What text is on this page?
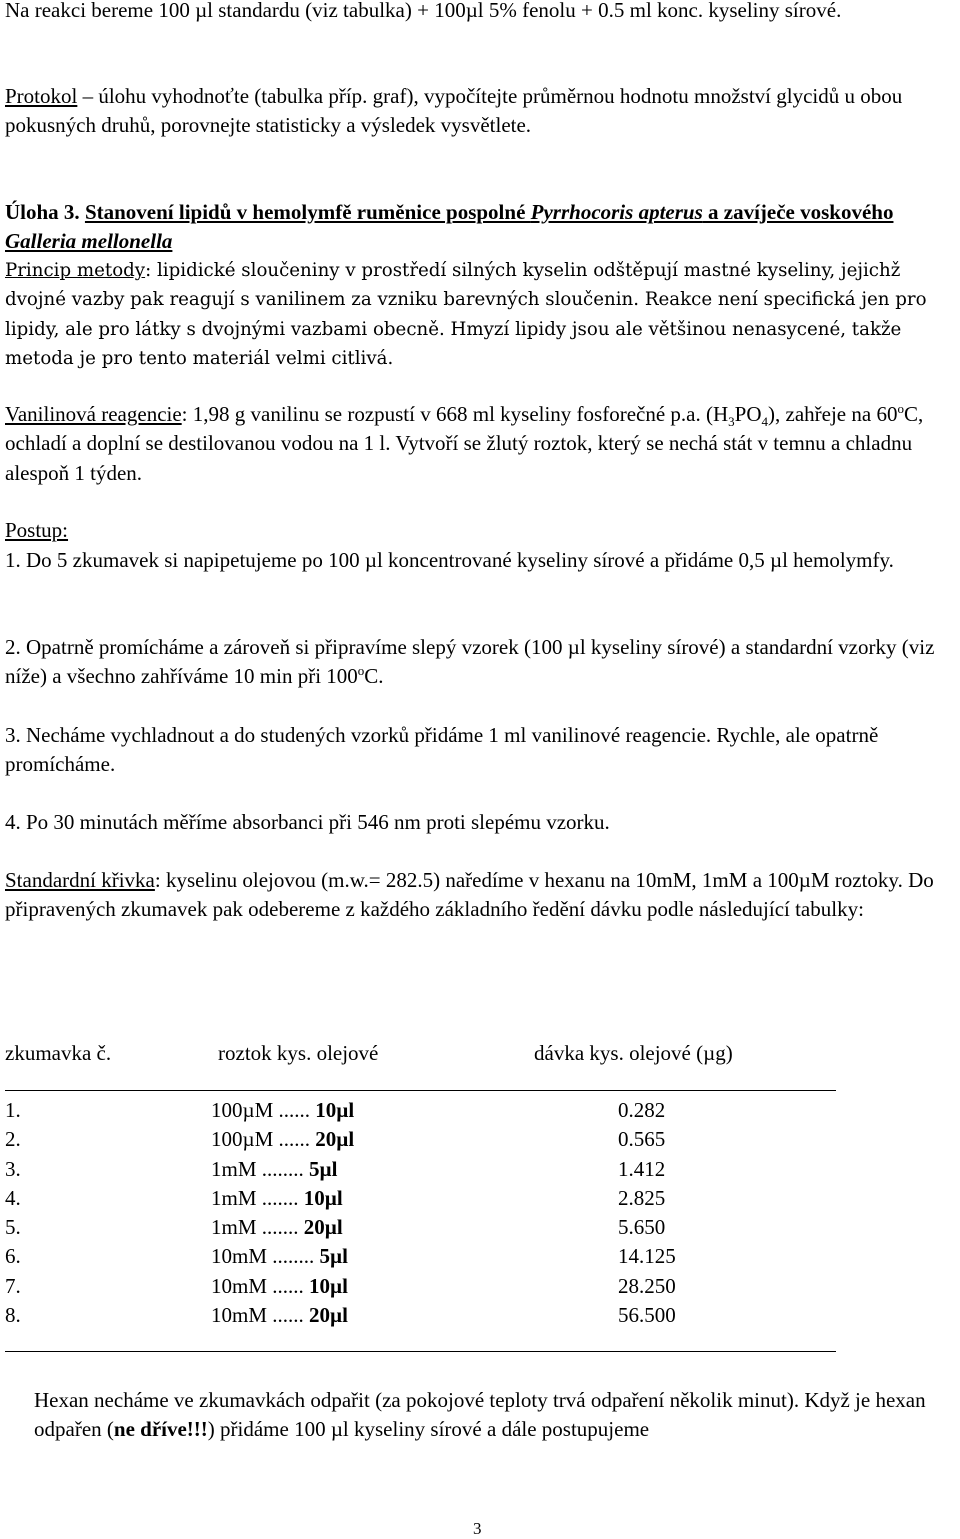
Na reakci bereme 100 µl standardu (viz tabulka) + 100µl 5% fenolu + 0.5 ml konc. kyseliny sírové.

Protokol – úlohu vyhodnoťte (tabulka příp. graf), vypočítejte průměrnou hodnotu množství glycidů u obou pokusných druhů, porovnejte statisticky a výsledek vysvětlete.

Úloha 3. Stanovení lipidů v hemolymfě ruměnice pospolné Pyrrhocoris apterus a zavíječe voskového Galleria mellonella

Princip metody: lipidické sloučeniny v prostředí silných kyselin odštěpují mastné kyseliny, jejichž dvojné vazby pak reagují s vanilinem za vzniku barevných sloučenin. Reakce není specifická jen pro lipidy, ale pro látky s dvojnými vazbami obecně. Hmyzí lipidy jsou ale většinou nenasycené, takže metoda je pro tento materiál velmi citlivá.

Vanilinová reagencie: 1,98 g vanilinu se rozpustí v 668 ml kyseliny fosforečné p.a. $(H_3PO_4)$, zahřeje na 60$^o$C, ochladí a doplní se destilovanou vodou na 1 l. Vytvoří se žlutý roztok, který se nechá stát v temnu a chladnu alespoň 1 týden.

Postup:

1. Do 5 zkumavek si napipetujeme po 100 µl koncentrované kyseliny sírové a přidáme 0,5 µl hemolymfy.

2. Opatrně promícháme a zároveň si připravíme slepý vzorek (100 µl kyseliny sírové) a standardní vzorky (viz níže) a všechno zahříváme 10 min při 100$^o$C.

3. Necháme vychladnout a do studených vzorků přidáme 1 ml vanilinové reagencie. Rychle, ale opatrně promícháme.

4. Po 30 minutách měříme absorbanci při 546 nm proti slepému vzorku.

Standardní křivka: kyselinu olejovou (m.w.= 282.5) naředíme v hexanu na 10mM, 1mM a 100µM roztoky. Do připravených zkumavek pak odebereme z každého základního ředění dávku podle následující tabulky:

zkumavka č.	roztok kys. olejové	dávka kys. olejové (µg)
1.	100µM ...... 10µl	0.282
2.	100µM ...... 20µl	0.565
3.	1mM ........ 5µl	1.412
4.	1mM ....... 10µl	2.825
5.	1mM ....... 20µl	5.650
6.	10mM ........ 5µl	14.125
7.	10mM ...... 10µl	28.250
8.	10mM ...... 20µl	56.500

Hexan necháme ve zkumavkách odpařit (za pokojové teploty trvá odpaření několik minut). Když je hexan odpařen (ne dříve!!!) přidáme 100 µl kyseliny sírové a dále postupujeme

3
